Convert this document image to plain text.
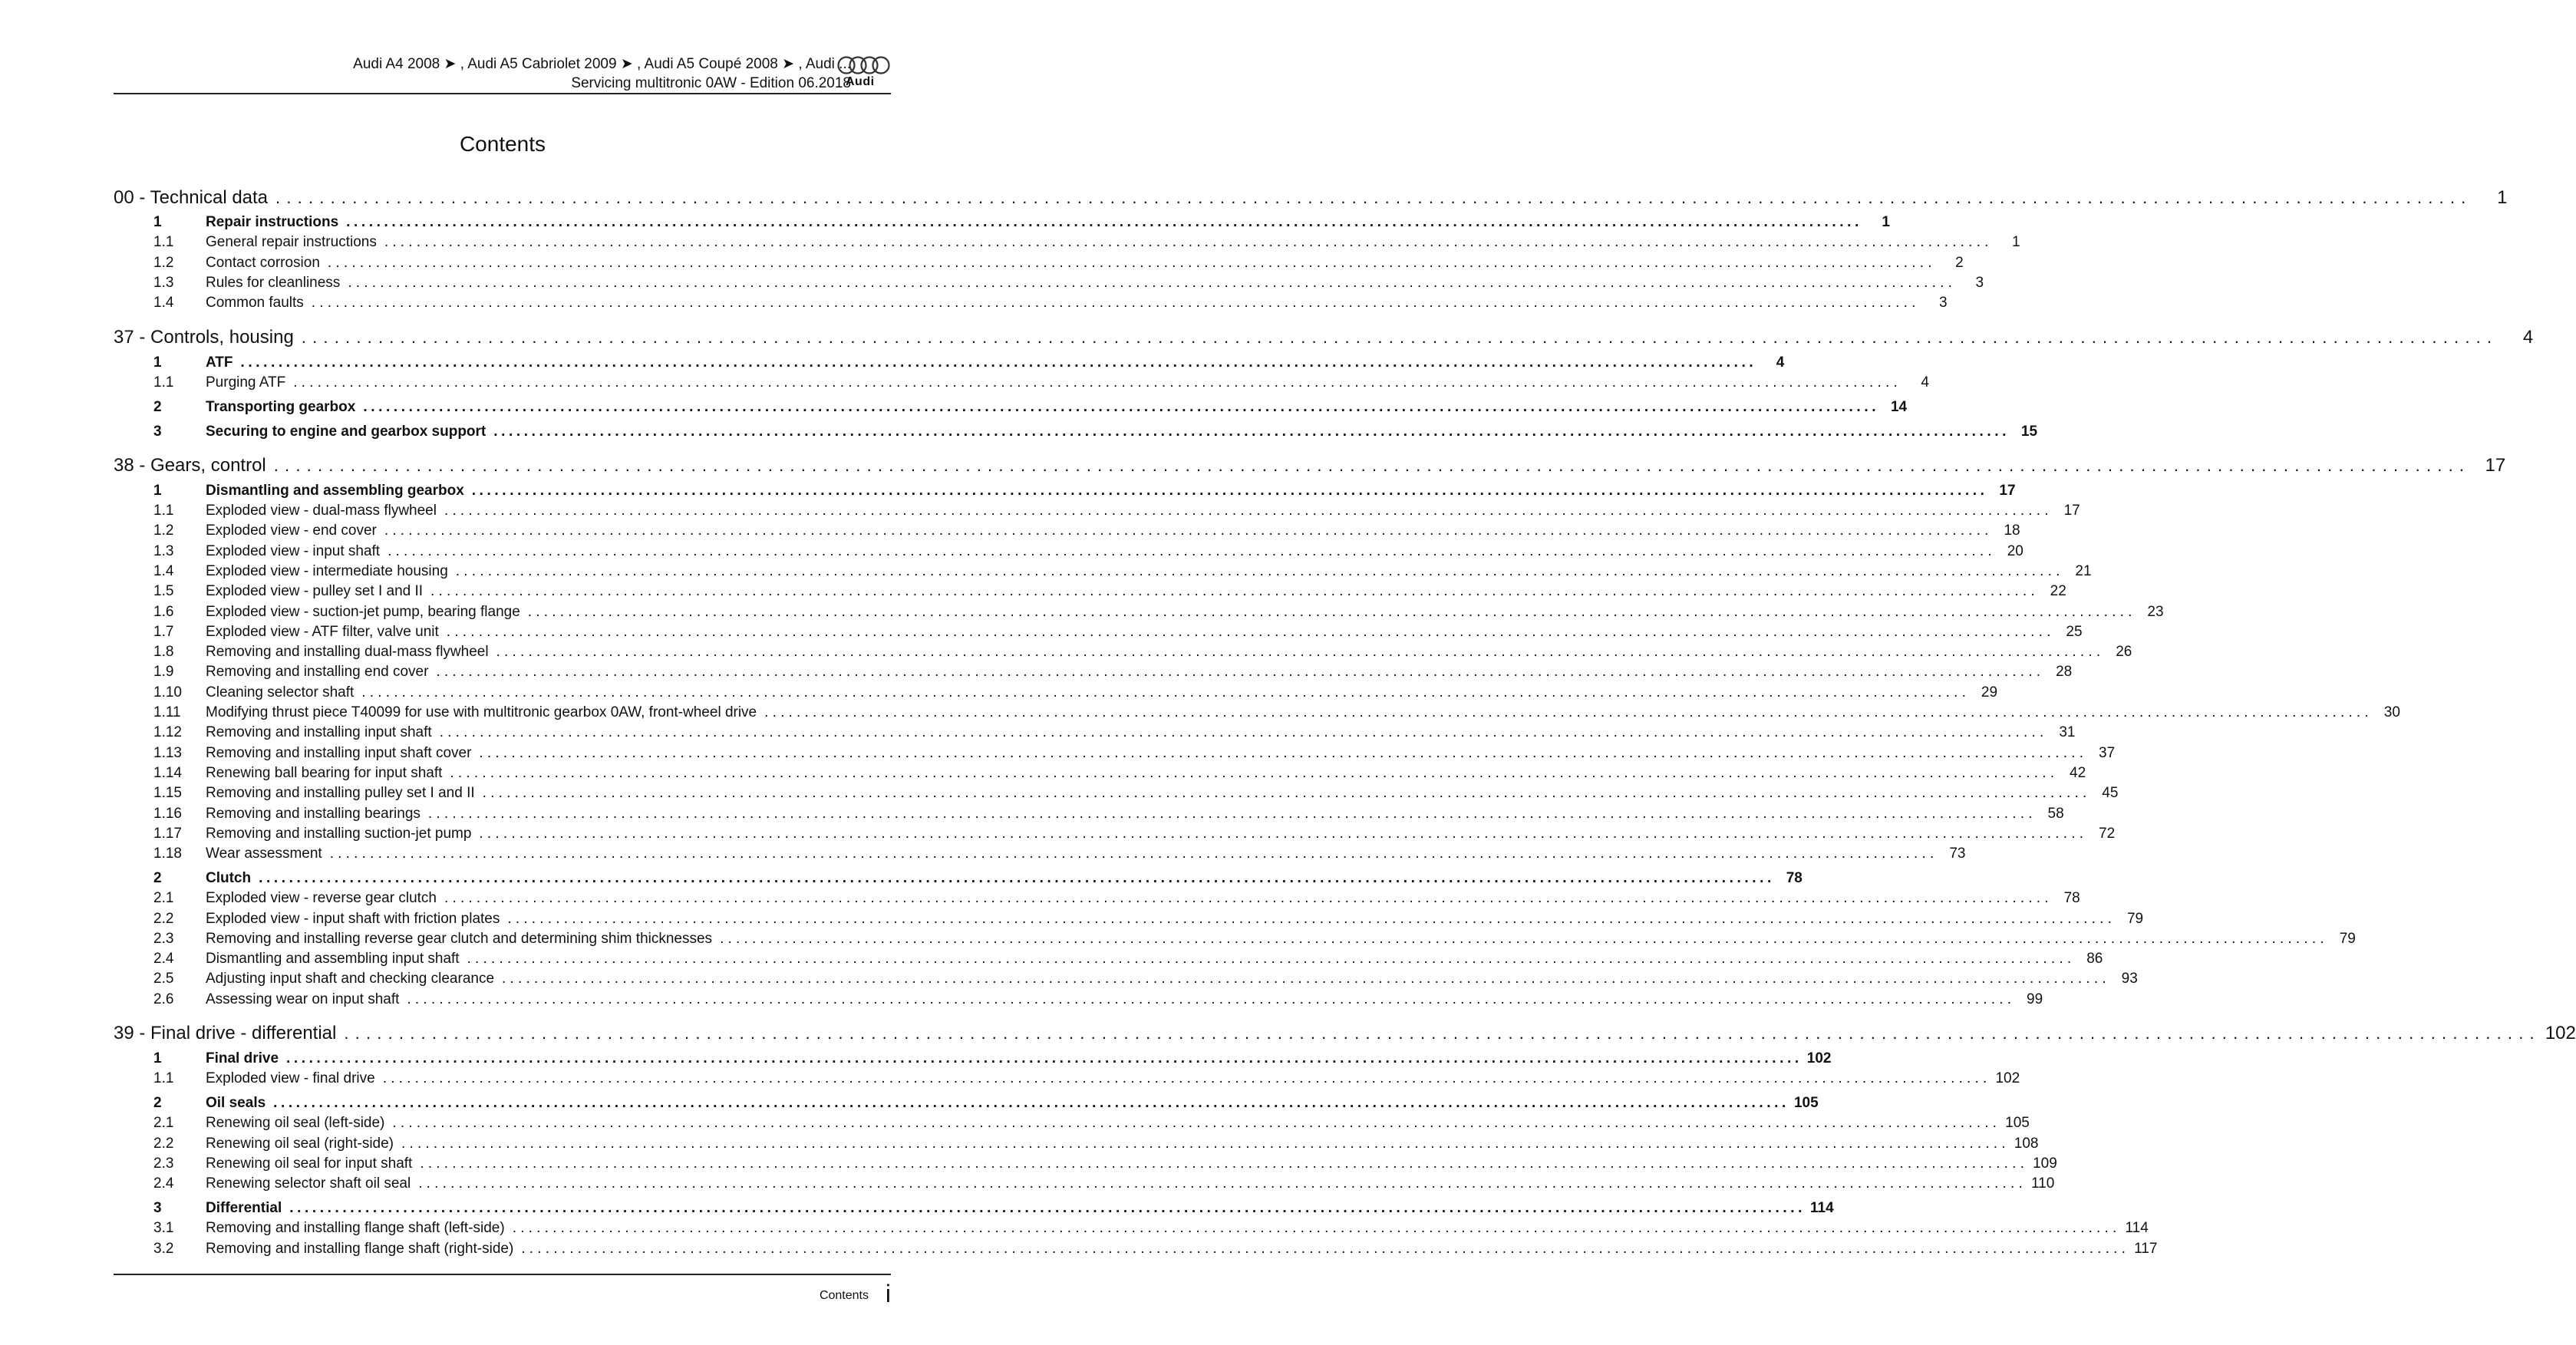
Audi A4 2008 ➤ , Audi A5 Cabriolet 2009 ➤ , Audi A5 Coupé 2008 ➤ , Audi ...
Servicing multitronic 0AW - Edition 06.2018
Audi
Contents
00 - Technical data ........................................................................................................................................................................................................	1
1	Repair instructions ........................................................................................................................................................................................................	1
1.1	General repair instructions ........................................................................................................................................................................................................	1
1.2	Contact corrosion ........................................................................................................................................................................................................	2
1.3	Rules for cleanliness ........................................................................................................................................................................................................	3
1.4	Common faults ........................................................................................................................................................................................................	3
37 - Controls, housing ........................................................................................................................................................................................................	4
1	ATF ........................................................................................................................................................................................................	4
1.1	Purging ATF ........................................................................................................................................................................................................	4
2	Transporting gearbox ........................................................................................................................................................................................................ 14
3	Securing to engine and gearbox support ........................................................................................................................................................................................................ 15
38 - Gears, control ........................................................................................................................................................................................................ 17
1	Dismantling and assembling gearbox ........................................................................................................................................................................................................ 17
1.1	Exploded view - dual-mass flywheel ........................................................................................................................................................................................................ 17
1.2	Exploded view - end cover ........................................................................................................................................................................................................ 18
1.3	Exploded view - input shaft ........................................................................................................................................................................................................ 20
1.4	Exploded view - intermediate housing ........................................................................................................................................................................................................ 21
1.5	Exploded view - pulley set I and II ........................................................................................................................................................................................................ 22
1.6	Exploded view - suction-jet pump, bearing flange ........................................................................................................................................................................................................ 23
1.7	Exploded view - ATF filter, valve unit ........................................................................................................................................................................................................ 25
1.8	Removing and installing dual-mass flywheel ........................................................................................................................................................................................................ 26
1.9	Removing and installing end cover ........................................................................................................................................................................................................ 28
1.10	Cleaning selector shaft ........................................................................................................................................................................................................ 29
1.11	Modifying thrust piece T40099 for use with multitronic gearbox 0AW, front-wheel drive ........................................................................................................................................................................................................ 30
1.12	Removing and installing input shaft ........................................................................................................................................................................................................ 31
1.13	Removing and installing input shaft cover ........................................................................................................................................................................................................ 37
1.14	Renewing ball bearing for input shaft ........................................................................................................................................................................................................ 42
1.15	Removing and installing pulley set I and II ........................................................................................................................................................................................................ 45
1.16	Removing and installing bearings ........................................................................................................................................................................................................ 58
1.17	Removing and installing suction-jet pump ........................................................................................................................................................................................................ 72
1.18	Wear assessment ........................................................................................................................................................................................................ 73
2	Clutch ........................................................................................................................................................................................................ 78
2.1	Exploded view - reverse gear clutch ........................................................................................................................................................................................................ 78
2.2	Exploded view - input shaft with friction plates ........................................................................................................................................................................................................ 79
2.3	Removing and installing reverse gear clutch and determining shim thicknesses ........................................................................................................................................................................................................ 79
2.4	Dismantling and assembling input shaft ........................................................................................................................................................................................................ 86
2.5	Adjusting input shaft and checking clearance ........................................................................................................................................................................................................ 93
2.6	Assessing wear on input shaft ........................................................................................................................................................................................................ 99
39 - Final drive - differential ........................................................................................................................................................................................................ 102
1	Final drive ........................................................................................................................................................................................................ 102
1.1	Exploded view - final drive ........................................................................................................................................................................................................ 102
2	Oil seals ........................................................................................................................................................................................................ 105
2.1	Renewing oil seal (left-side) ........................................................................................................................................................................................................ 105
2.2	Renewing oil seal (right-side) ........................................................................................................................................................................................................ 108
2.3	Renewing oil seal for input shaft ........................................................................................................................................................................................................ 109
2.4	Renewing selector shaft oil seal ........................................................................................................................................................................................................ 110
3	Differential ........................................................................................................................................................................................................ 114
3.1	Removing and installing flange shaft (left-side) ........................................................................................................................................................................................................ 114
3.2	Removing and installing flange shaft (right-side) ........................................................................................................................................................................................................ 117
Contents i
